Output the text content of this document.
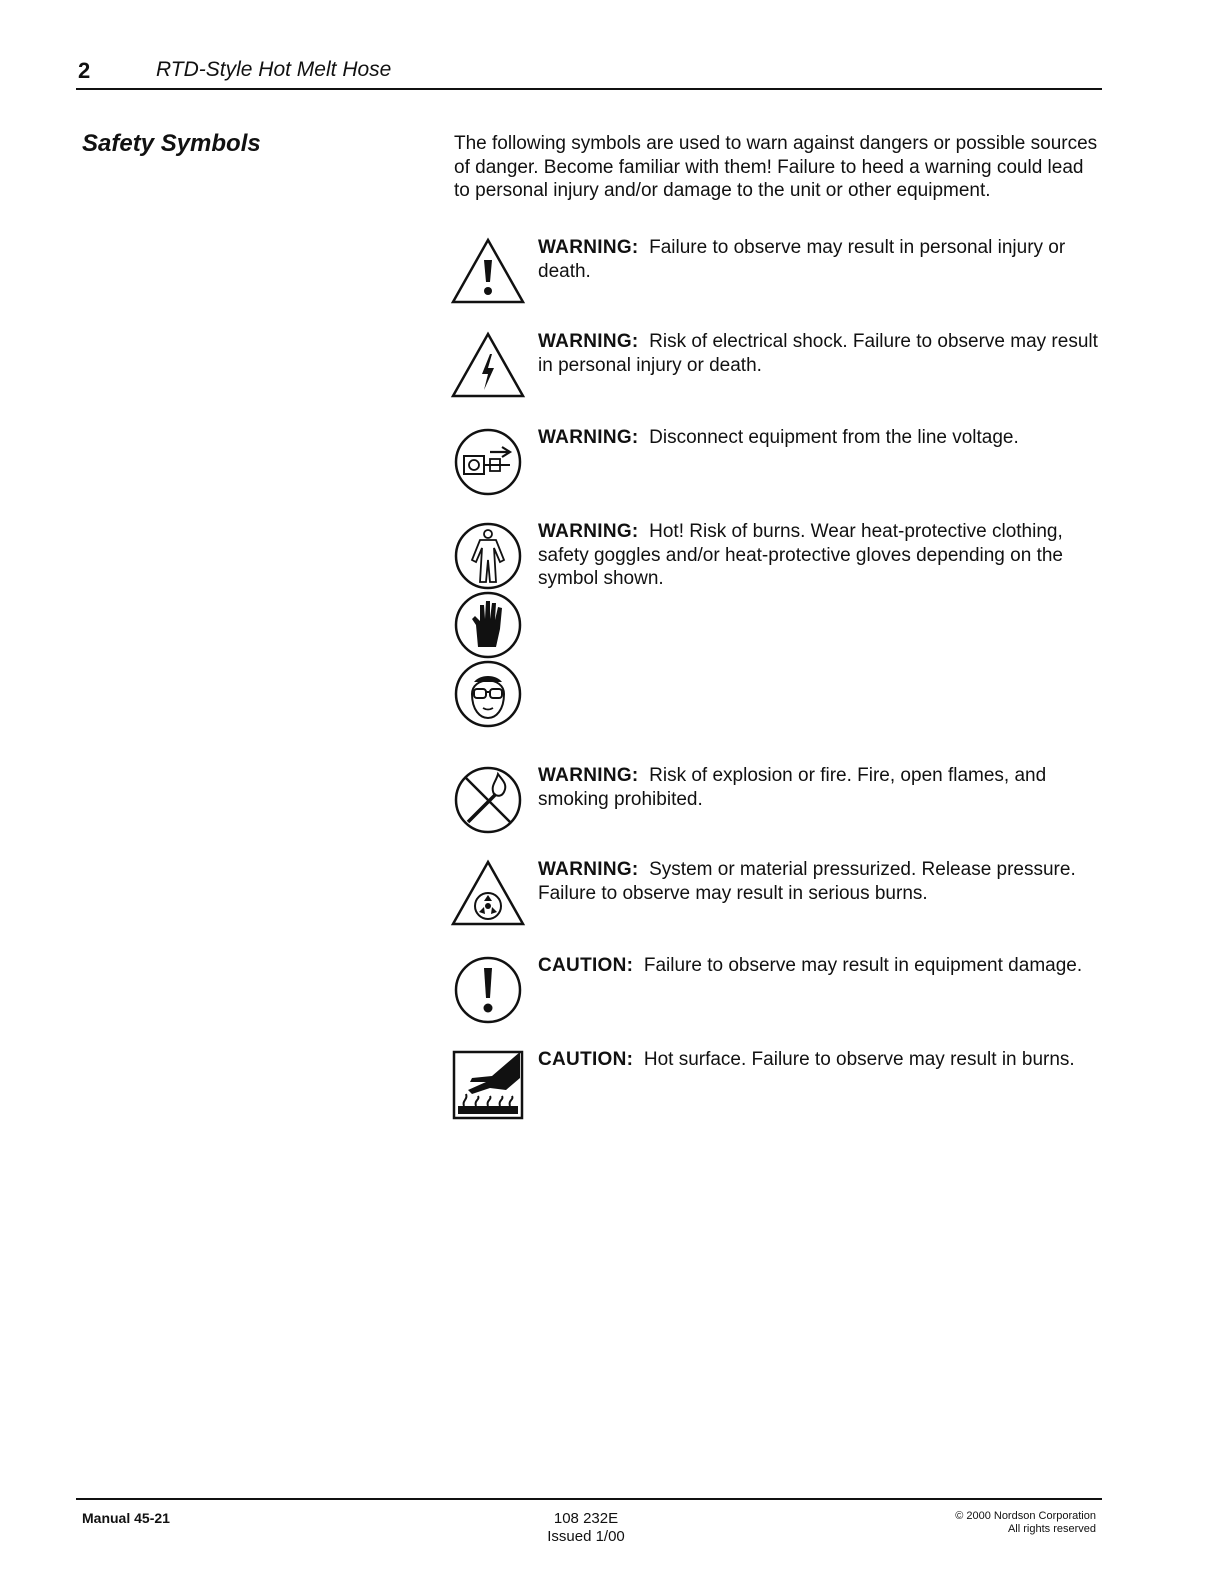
2	RTD-Style Hot Melt Hose
Safety Symbols	The following symbols are used to warn against dangers or possible sources of danger. Become familiar with them! Failure to heed a warning could lead to personal injury and/or damage to the unit or other equipment.
WARNING: Failure to observe may result in personal injury or death.
WARNING: Risk of electrical shock. Failure to observe may result in personal injury or death.
WARNING: Disconnect equipment from the line voltage.
WARNING: Hot! Risk of burns. Wear heat-protective clothing, safety goggles and/or heat-protective gloves depending on the symbol shown.
WARNING: Risk of explosion or fire. Fire, open flames, and smoking prohibited.
WARNING: System or material pressurized. Release pressure. Failure to observe may result in serious burns.
CAUTION: Failure to observe may result in equipment damage.
CAUTION: Hot surface. Failure to observe may result in burns.
Manual 45-21	108 232E
Issued 1/00
© 2000 Nordson Corporation
All rights reserved
